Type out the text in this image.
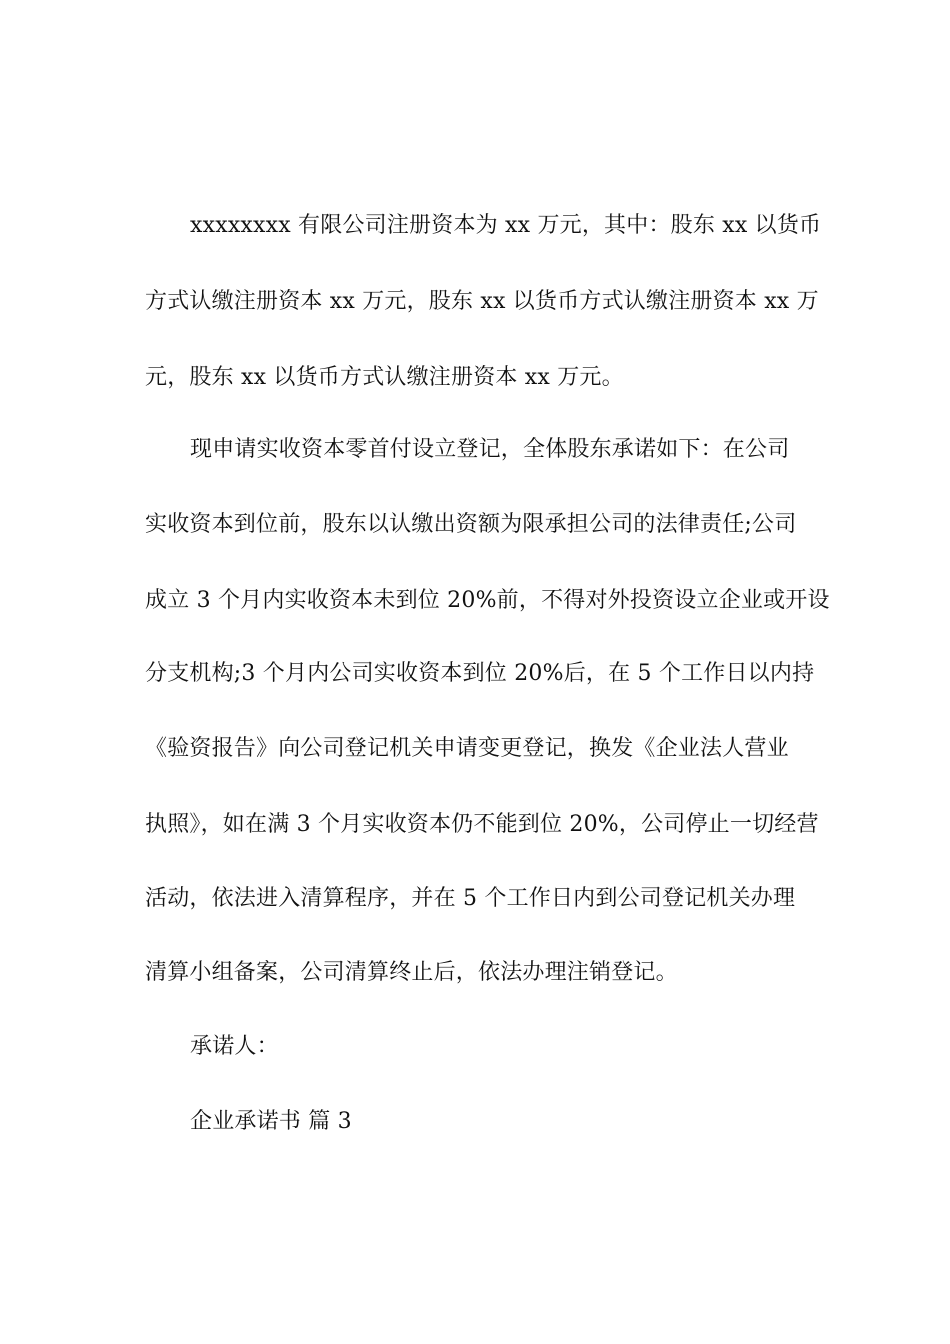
xxxxxxxx 有限公司注册资本为 xx 万元，其中：股东 xx 以货币
方式认缴注册资本 xx 万元，股东 xx 以货币方式认缴注册资本 xx 万
元，股东 xx 以货币方式认缴注册资本 xx 万元。
现申请实收资本零首付设立登记，全体股东承诺如下：在公司
实收资本到位前，股东以认缴出资额为限承担公司的法律责任;公司
成立 3 个月内实收资本未到位 20%前，不得对外投资设立企业或开设
分支机构;3 个月内公司实收资本到位 20%后，在 5 个工作日以内持
《验资报告》向公司登记机关申请变更登记，换发《企业法人营业
执照》，如在满 3 个月实收资本仍不能到位 20%，公司停止一切经营
活动，依法进入清算程序，并在 5 个工作日内到公司登记机关办理
清算小组备案，公司清算终止后，依法办理注销登记。
承诺人：
企业承诺书 篇 3
